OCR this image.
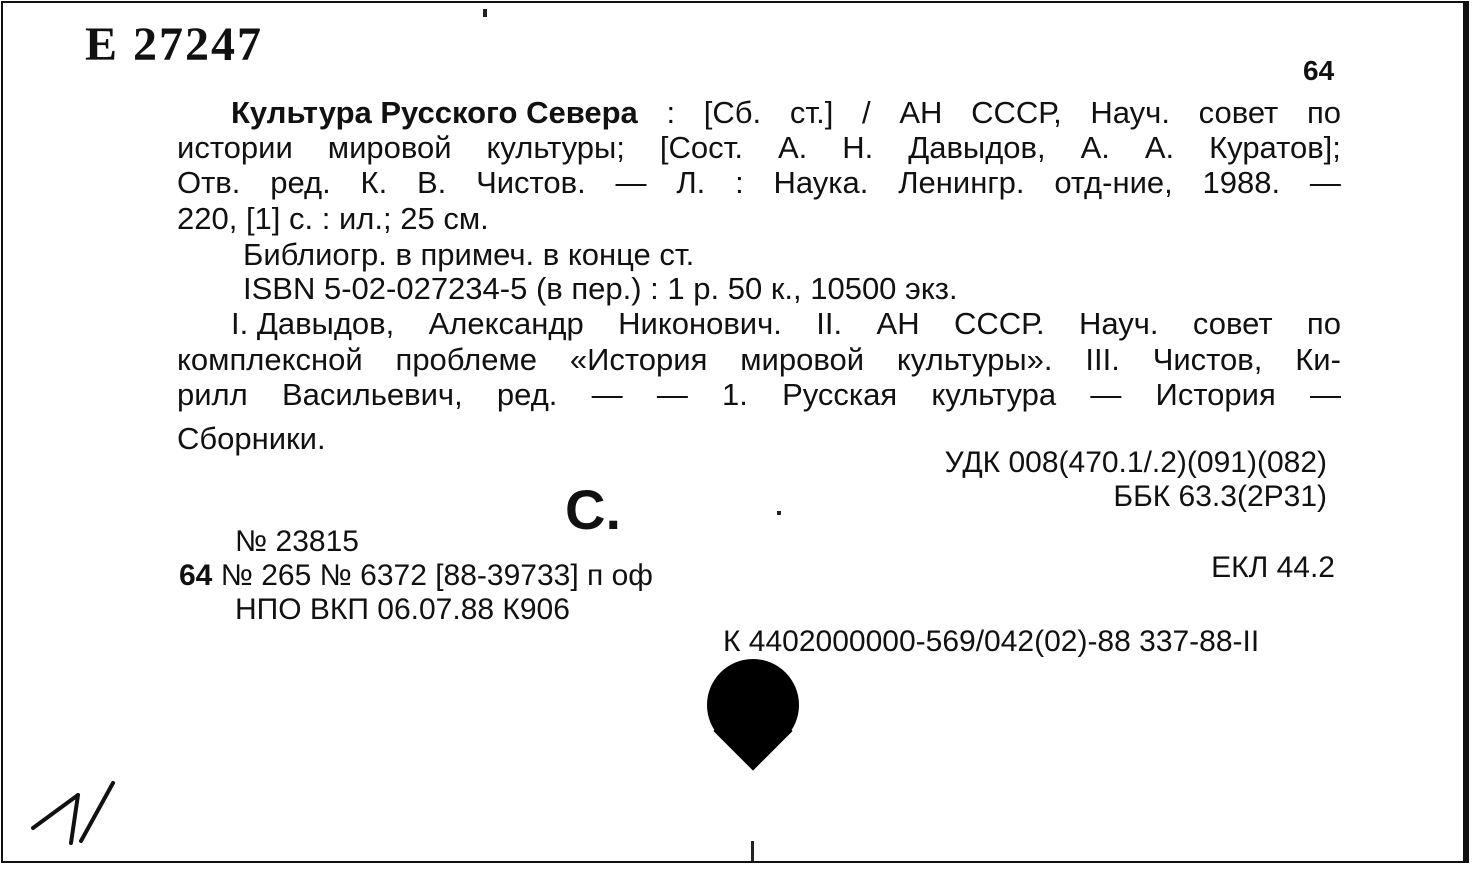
Е 27247	64
Культура Русского Севера : [Сб. ст.] / АН СССР, Науч. совет по
истории мировой культуры; [Сост. А. Н. Давыдов, А. А. Куратов];
Отв. ред. К. В. Чистов. — Л. : Наука. Ленингр. отд-ние, 1988. —
220, [1] с. : ил.; 25 см.
Библиогр. в примеч. в конце ст.
ISBN 5-02-027234-5 (в пер.) : 1 р. 50 к., 10500 экз.
I. Давыдов, Александр Никонович. II. АН СССР. Науч. совет по
комплексной проблеме «История мировой культуры». III. Чистов, Ки-
рилл Васильевич, ред. — — 1. Русская культура — История —
Сборники.
УДК 008(470.1/.2)(091)(082)
ББК 63.3(2Р31)
С.
№ 23815
64 № 265 № 6372 [88-39733] п оф
НПО ВКП 06.07.88 К906
ЕКЛ 44.2
К 4402000000-569/042(02)-88 337-88-II
